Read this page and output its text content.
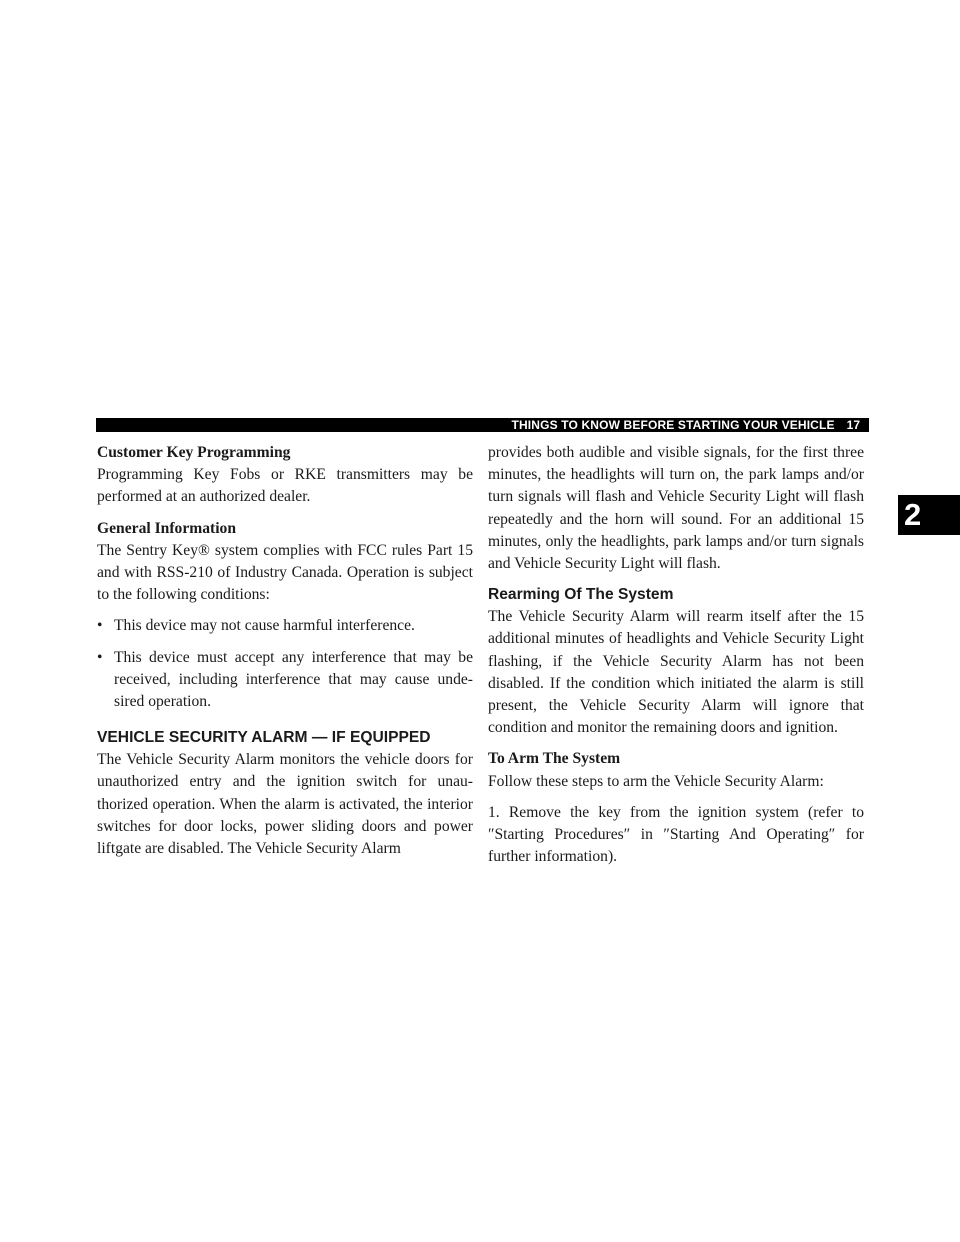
THINGS TO KNOW BEFORE STARTING YOUR VEHICLE 17
2

Customer Key Programming

Programming Key Fobs or RKE transmitters may be performed at an authorized dealer.

General Information

The Sentry Key® system complies with FCC rules Part 15 and with RSS-210 of Industry Canada. Operation is subject to the following conditions:

• This device may not cause harmful interference.
• This device must accept any interference that may be received, including interference that may cause unde-sired operation.

VEHICLE SECURITY ALARM — IF EQUIPPED

The Vehicle Security Alarm monitors the vehicle doors for unauthorized entry and the ignition switch for unau-thorized operation. When the alarm is activated, the interior switches for door locks, power sliding doors and power liftgate are disabled. The Vehicle Security Alarm

provides both audible and visible signals, for the first three minutes, the headlights will turn on, the park lamps and/or turn signals will flash and Vehicle Security Light will flash repeatedly and the horn will sound. For an additional 15 minutes, only the headlights, park lamps and/or turn signals and Vehicle Security Light will flash.

Rearming Of The System

The Vehicle Security Alarm will rearm itself after the 15 additional minutes of headlights and Vehicle Security Light flashing, if the Vehicle Security Alarm has not been disabled. If the condition which initiated the alarm is still present, the Vehicle Security Alarm will ignore that condition and monitor the remaining doors and ignition.

To Arm The System

Follow these steps to arm the Vehicle Security Alarm:

1. Remove the key from the ignition system (refer to ″Starting Procedures″ in ″Starting And Operating″ for further information).
